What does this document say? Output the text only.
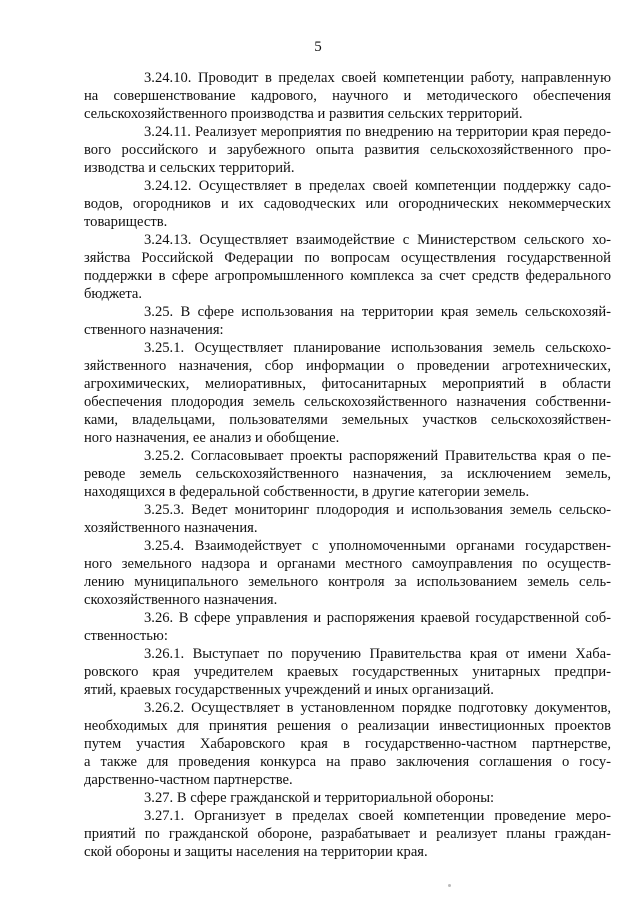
5
3.24.10. Проводит в пределах своей компетенции работу, направленную
на совершенствование кадрового, научного и методического обеспечения
сельскохозяйственного производства и развития сельских территорий.
3.24.11. Реализует мероприятия по внедрению на территории края передо-
вого российского и зарубежного опыта развития сельскохозяйственного про-
изводства и сельских территорий.
3.24.12. Осуществляет в пределах своей компетенции поддержку садо-
водов, огородников и их садоводческих или огороднических некоммерческих
товариществ.
3.24.13. Осуществляет взаимодействие с Министерством сельского хо-
зяйства Российской Федерации по вопросам осуществления государственной
поддержки в сфере агропромышленного комплекса за счет средств федерального
бюджета.
3.25. В сфере использования на территории края земель сельскохозяй-
ственного назначения:
3.25.1. Осуществляет планирование использования земель сельскохо-
зяйственного назначения, сбор информации о проведении агротехнических,
агрохимических, мелиоративных, фитосанитарных мероприятий в области
обеспечения плодородия земель сельскохозяйственного назначения собственни-
ками, владельцами, пользователями земельных участков сельскохозяйствен-
ного назначения, ее анализ и обобщение.
3.25.2. Согласовывает проекты распоряжений Правительства края о пе-
реводе земель сельскохозяйственного назначения, за исключением земель,
находящихся в федеральной собственности, в другие категории земель.
3.25.3. Ведет мониторинг плодородия и использования земель сельско-
хозяйственного назначения.
3.25.4. Взаимодействует с уполномоченными органами государствен-
ного земельного надзора и органами местного самоуправления по осуществ-
лению муниципального земельного контроля за использованием земель сель-
скохозяйственного назначения.
3.26. В сфере управления и распоряжения краевой государственной соб-
ственностью:
3.26.1. Выступает по поручению Правительства края от имени Хаба-
ровского края учредителем краевых государственных унитарных предпри-
ятий, краевых государственных учреждений и иных организаций.
3.26.2. Осуществляет в установленном порядке подготовку документов,
необходимых для принятия решения о реализации инвестиционных проектов
путем участия Хабаровского края в государственно-частном партнерстве,
а также для проведения конкурса на право заключения соглашения о госу-
дарственно-частном партнерстве.
3.27. В сфере гражданской и территориальной обороны:
3.27.1. Организует в пределах своей компетенции проведение меро-
приятий по гражданской обороне, разрабатывает и реализует планы граждан-
ской обороны и защиты населения на территории края.
